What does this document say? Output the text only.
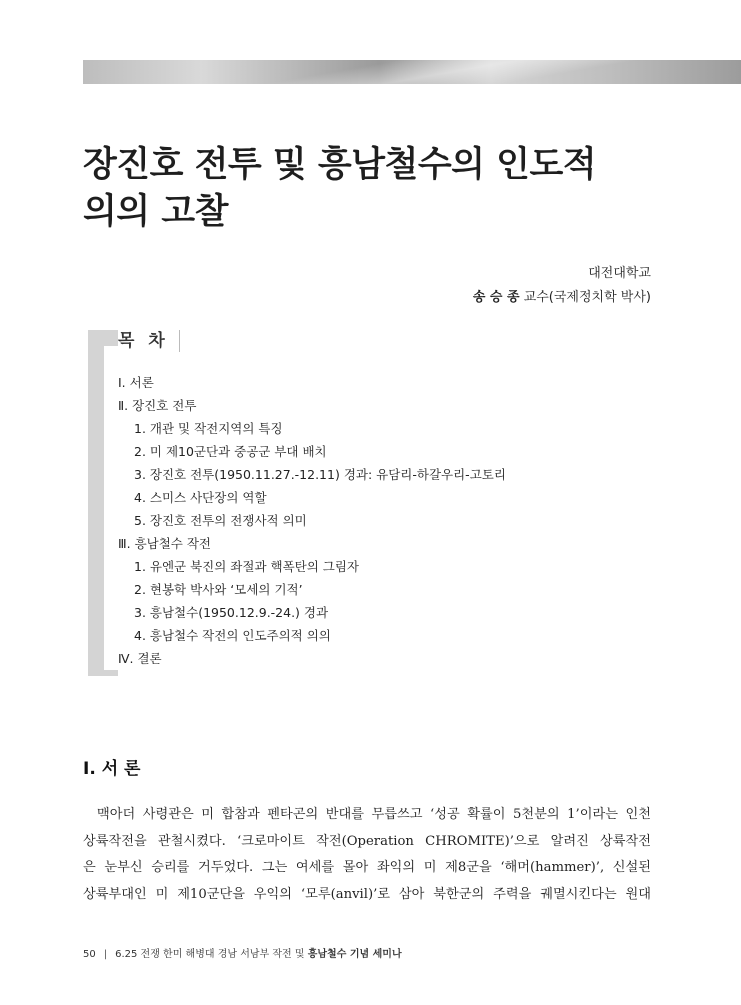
장진호 전투 및 흥남철수의 인도적
의의 고찰
대전대학교
송 승 종 교수(국제정치학 박사)
목 차
Ⅰ. 서론
Ⅱ. 장진호 전투
1. 개관 및 작전지역의 특징
2. 미 제10군단과 중공군 부대 배치
3. 장진호 전투(1950.11.27.-12.11) 경과: 유담리-하갈우리-고토리
4. 스미스 사단장의 역할
5. 장진호 전투의 전쟁사적 의미
Ⅲ. 흥남철수 작전
1. 유엔군 북진의 좌절과 핵폭탄의 그림자
2. 현봉학 박사와 ‘모세의 기적’
3. 흥남철수(1950.12.9.-24.) 경과
4. 흥남철수 작전의 인도주의적 의의
Ⅳ. 결론
I. 서 론

맥아더 사령관은 미 합참과 펜타곤의 반대를 무릅쓰고 ‘성공 확률이 5천분의 1’이라는 인천

상륙작전을 관철시켰다. ‘크로마이트 작전(Operation CHROMITE)’으로 알려진 상륙작전

은 눈부신 승리를 거두었다. 그는 여세를 몰아 좌익의 미 제8군을 ‘해머(hammer)’, 신설된

상륙부대인 미 제10군단을 우익의 ‘모루(anvil)’로 삼아 북한군의 주력을 궤멸시킨다는 원대

50 | 6.25 전쟁 한미 해병대 경남 서남부 작전 및 흥남철수 기념 세미나
